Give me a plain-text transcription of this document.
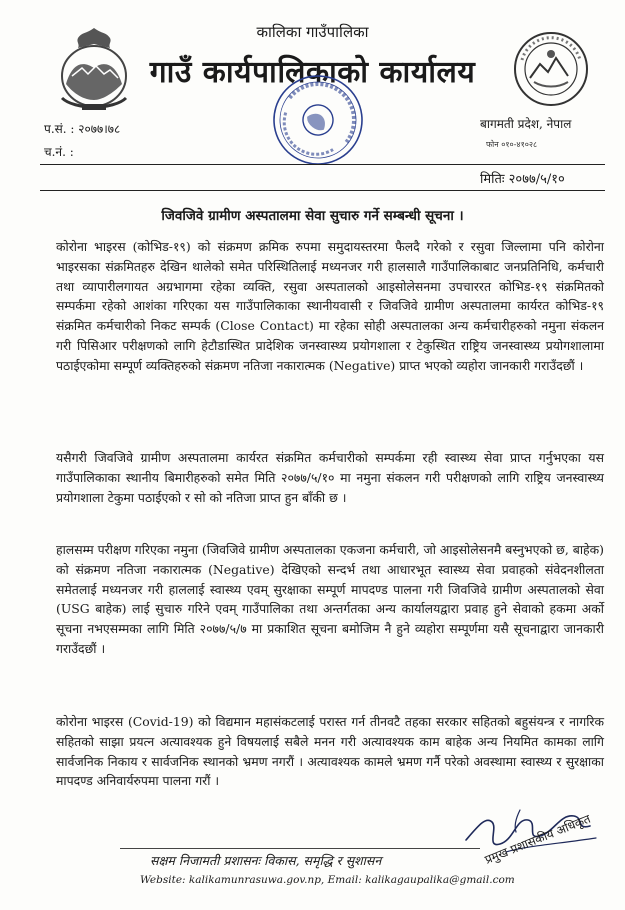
कालिका गाउँपालिका
गाउँ कार्यपालिकाको कार्यालय
प.सं. : २०७७।७८
च.नं. :
बागमती प्रदेश, नेपाल
फोन ०१०-४१०२८
मितिः २०७७/५/१०
जिवजिवे ग्रामीण अस्पतालमा सेवा सुचारु गर्ने सम्बन्धी सूचना ।
कोरोना भाइरस (कोभिड-१९) को संक्रमण क्रमिक रुपमा समुदायस्तरमा फैलदै गरेको र रसुवा जिल्लामा पनि कोरोना भाइरसका संक्रमितहरु देखिन थालेको समेत परिस्थितिलाई मध्यनजर गरी हालसालै गाउँपालिकाबाट जनप्रतिनिधि, कर्मचारी तथा व्यापारीलगायत अग्रभागमा रहेका व्यक्ति, रसुवा अस्पतालको आइसोलेसनमा उपचाररत कोभिड-१९ संक्रमितको सम्पर्कमा रहेको आशंका गरिएका यस गाउँपालिकाका स्थानीयवासी र जिवजिवे ग्रामीण अस्पतालमा कार्यरत कोभिड-१९ संक्रमित कर्मचारीको निकट सम्पर्क (Close Contact) मा रहेका सोही अस्पतालका अन्य कर्मचारीहरुको नमुना संकलन गरी पिसिआर परीक्षणको लागि हेटौडास्थित प्रादेशिक जनस्वास्थ्य प्रयोगशाला र टेकुस्थित राष्ट्रिय जनस्वास्थ्य प्रयोगशालामा पठाईएकोमा सम्पूर्ण व्यक्तिहरुको संक्रमण नतिजा नकारात्मक (Negative) प्राप्त भएको व्यहोरा जानकारी गराउँदछौं ।
यसैगरी जिवजिवे ग्रामीण अस्पतालमा कार्यरत संक्रमित कर्मचारीको सम्पर्कमा रही स्वास्थ्य सेवा प्राप्त गर्नुभएका यस गाउँपालिकाका स्थानीय बिमारीहरुको समेत मिति २०७७/५/१० मा नमुना संकलन गरी परीक्षणको लागि राष्ट्रिय जनस्वास्थ्य प्रयोगशाला टेकुमा पठाईएको र सो को नतिजा प्राप्त हुन बाँकी छ ।
हालसम्म परीक्षण गरिएका नमुना (जिवजिवे ग्रामीण अस्पतालका एकजना कर्मचारी, जो आइसोलेसनमै बस्नुभएको छ, बाहेक) को संक्रमण नतिजा नकारात्मक (Negative) देखिएको सन्दर्भ तथा आधारभूत स्वास्थ्य सेवा प्रवाहको संवेदनशीलता समेतलाई मध्यनजर गरी हाललाई स्वास्थ्य एवम् सुरक्षाका सम्पूर्ण मापदण्ड पालना गरी जिवजिवे ग्रामीण अस्पतालको सेवा (USG बाहेक) लाई सुचारु गरिने एवम् गाउँपालिका तथा अन्तर्गतका अन्य कार्यालयद्वारा प्रवाह हुने सेवाको हकमा अर्को सूचना नभएसम्मका लागि मिति २०७७/५/७ मा प्रकाशित सूचना बमोजिम नै हुने व्यहोरा सम्पूर्णमा यसै सूचनाद्वारा जानकारी गराउँदछौं ।
कोरोना भाइरस (Covid-19) को विद्यमान महासंकटलाई परास्त गर्न तीनवटै तहका सरकार सहितको बहुसंयन्त्र र नागरिक सहितको साझा प्रयत्न अत्यावश्यक हुने विषयलाई सबैले मनन गरी अत्यावश्यक काम बाहेक अन्य नियमित कामका लागि सार्वजनिक निकाय र सार्वजनिक स्थानको भ्रमण नगरौं । अत्यावश्यक कामले भ्रमण गर्नै परेको अवस्थामा स्वास्थ्य र सुरक्षाका मापदण्ड अनिवार्यरुपमा पालना गरौं ।
सक्षम निजामती प्रशासनः विकास, समृद्धि र सुशासन
Website: kalikamunrasuwa.gov.np, Email: kalikagaupalika@gmail.com
प्रमुख प्रशासकीय अधिकृत
